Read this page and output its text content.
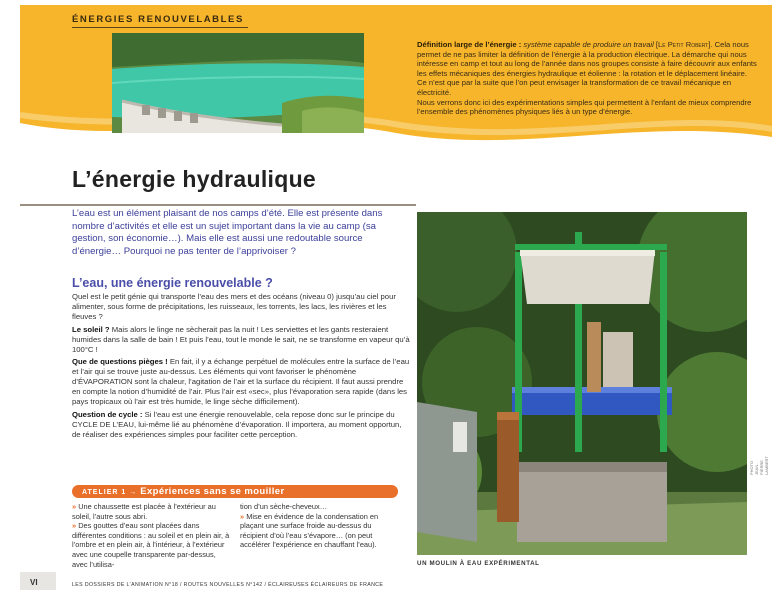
ÉNERGIES RENOUVELABLES
Définition large de l’énergie : système capable de produire un travail [Le Petit Robert]. Cela nous permet de ne pas limiter la définition de l’énergie à la production électrique. La démarche qui nous intéresse en camp et tout au long de l’année dans nos groupes consiste à faire découvrir aux enfants les effets mécaniques des énergies hydraulique et éolienne : la rotation et le déplacement linéaire. Ce n’est que par la suite que l’on peut envisager la transformation de ce travail mécanique en électricité.
Nous verrons donc ici des expérimentations simples qui permettent à l’enfant de mieux comprendre l’ensemble des phénomènes physiques liés à un type d’énergie.
L’énergie hydraulique
L’eau est un élément plaisant de nos camps d’été. Elle est présente dans nombre d’activités et elle est un sujet important dans la vie au camp (sa gestion, son économie…). Mais elle est aussi une redoutable source d’énergie… Pourquoi ne pas tenter de l’apprivoiser ?
L’eau, une énergie renouvelable ?

Quel est le petit génie qui transporte l’eau des mers et des océans (niveau 0) jusqu’au ciel pour alimenter, sous forme de précipitations, les ruisseaux, les torrents, les lacs, les rivières et les fleuves ?

Le soleil ? Mais alors le linge ne sècherait pas la nuit ! Les serviettes et les gants resteraient humides dans la salle de bain ! Et puis l’eau, tout le monde le sait, ne se transforme en vapeur qu’à 100°C !

Que de questions pièges ! En fait, il y a échange perpétuel de molécules entre la surface de l’eau et l’air qui se trouve juste au-dessus. Les éléments qui vont favoriser le phénomène d’ÉVAPORATION sont la chaleur, l’agitation de l’air et la surface du récipient. Il faut aussi prendre en compte la notion d’humidité de l’air. Plus l’air est «sec», plus l’évaporation sera rapide (dans les pays tropicaux où l’air est très humide, le linge sèche difficilement).

Question de cycle : Si l’eau est une énergie renouvelable, cela repose donc sur le principe du CYCLE DE L’EAU, lui-même lié au phénomène d’évaporation. Il importera, au moment opportun, de réaliser des expériences simples pour faciliter cette perception.

ATELIER 1 → Expériences sans se mouiller
» Une chaussette est placée à l’extérieur au soleil, l’autre sous abri.
» Des gouttes d’eau sont placées dans différentes conditions : au soleil et en plein air, à l’ombre et en plein air, à l’intérieur, à l’extérieur avec une coupelle transparente par-dessus, avec l’utilisa-
tion d’un sèche-cheveux…
» Mise en évidence de la condensation en plaçant une surface froide au-dessus du récipient d’où l’eau s’évapore… (on peut accélérer l’expérience en chauffant l’eau).
UN MOULIN À EAU EXPÉRIMENTAL
PHOTO JEAN-PIERRE LAMBERT
VI	LES DOSSIERS DE L’ANIMATION N°18 / ROUTES NOUVELLES N°142 / ÉCLAIREUSES ÉCLAIREURS DE FRANCE
